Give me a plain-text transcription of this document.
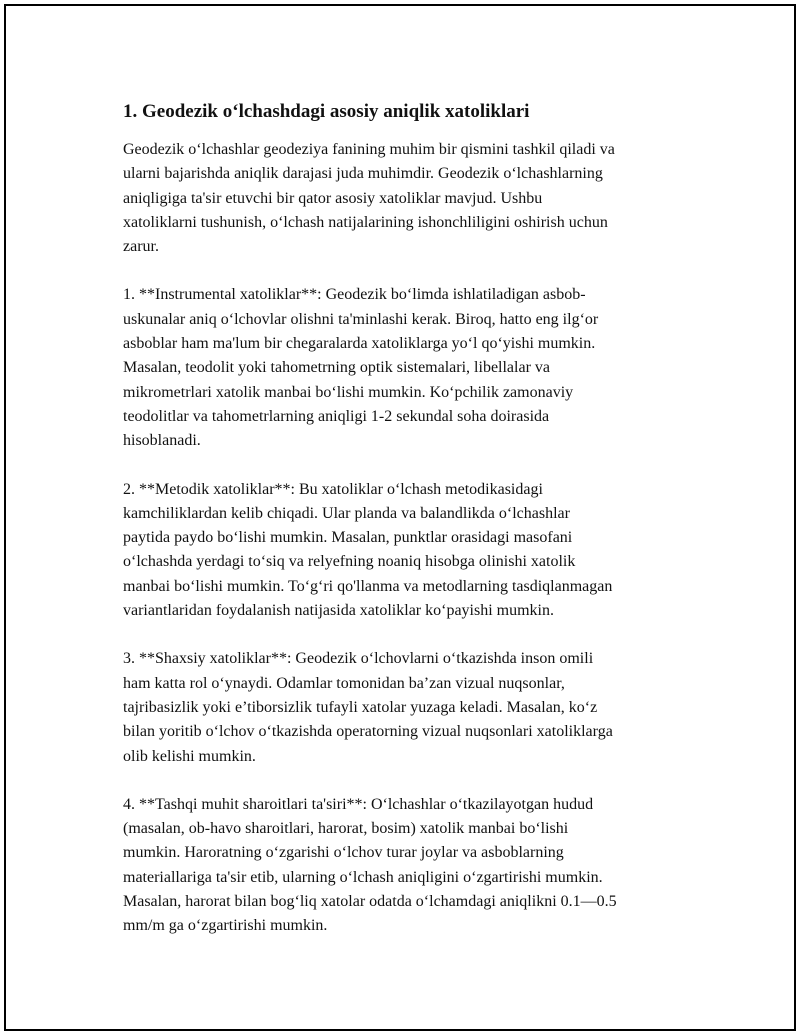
1. Geodezik o‘lchashdagi asosiy aniqlik xatoliklari
Geodezik o‘lchashlar geodeziya fanining muhim bir qismini tashkil qiladi va
ularni bajarishda aniqlik darajasi juda muhimdir. Geodezik o‘lchashlarning
aniqligiga ta'sir etuvchi bir qator asosiy xatoliklar mavjud. Ushbu
xatoliklarni tushunish, o‘lchash natijalarining ishonchliligini oshirish uchun
zarur.
1. **Instrumental xatoliklar**: Geodezik bo‘limda ishlatiladigan asbob-
uskunalar aniq o‘lchovlar olishni ta'minlashi kerak. Biroq, hatto eng ilg‘or
asboblar ham ma'lum bir chegaralarda xatoliklarga yo‘l qo‘yishi mumkin.
Masalan, teodolit yoki tahometrning optik sistemalari, libellalar va
mikrometrlari xatolik manbai bo‘lishi mumkin. Ko‘pchilik zamonaviy
teodolitlar va tahometrlarning aniqligi 1-2 sekundal soha doirasida
hisoblanadi.
2. **Metodik xatoliklar**: Bu xatoliklar o‘lchash metodikasidagi
kamchiliklardan kelib chiqadi. Ular planda va balandlikda o‘lchashlar
paytida paydo bo‘lishi mumkin. Masalan, punktlar orasidagi masofani
o‘lchashda yerdagi to‘siq va relyefning noaniq hisobga olinishi xatolik
manbai bo‘lishi mumkin. To‘g‘ri qo'llanma va metodlarning tasdiqlanmagan
variantlaridan foydalanish natijasida xatoliklar ko‘payishi mumkin.
3. **Shaxsiy xatoliklar**: Geodezik o‘lchovlarni o‘tkazishda inson omili
ham katta rol o‘ynaydi. Odamlar tomonidan ba’zan vizual nuqsonlar,
tajribasizlik yoki e’tiborsizlik tufayli xatolar yuzaga keladi. Masalan, ko‘z
bilan yoritib o‘lchov o‘tkazishda operatorning vizual nuqsonlari xatoliklarga
olib kelishi mumkin.
4. **Tashqi muhit sharoitlari ta'siri**: O‘lchashlar o‘tkazilayotgan hudud
(masalan, ob-havo sharoitlari, harorat, bosim) xatolik manbai bo‘lishi
mumkin. Haroratning o‘zgarishi o‘lchov turar joylar va asboblarning
materiallariga ta'sir etib, ularning o‘lchash aniqligini o‘zgartirishi mumkin.
Masalan, harorat bilan bog‘liq xatolar odatda o‘lchamdagi aniqlikni 0.1—0.5
mm/m ga o‘zgartirishi mumkin.
